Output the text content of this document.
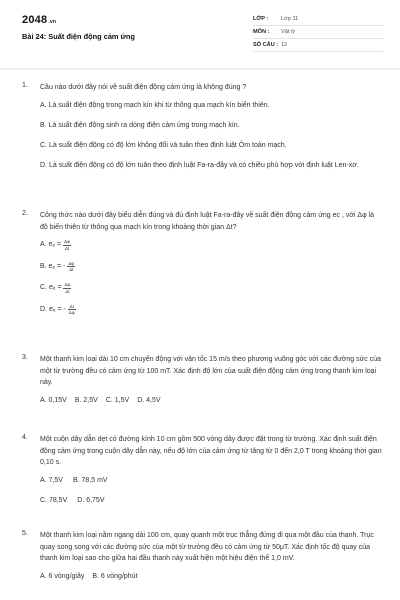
2048.vn
Bài 24: Suất điện động cảm ứng
LỚP :	Lớp 11
MÔN :	Vật lý
SỐ CÂU : 12
1.	Câu nào dưới đây nói về suất điện động cảm ứng là không đúng ?
A. Là suất điện động trong mạch kín khi từ thông qua mạch kín biến thiên.
B. Là suất điện động sinh ra dòng điện cảm ứng trong mạch kín.
C. Là suất điện động có độ lớn không đổi và tuân theo định luật Ôm toàn mạch.
D. Là suất điện động có độ lớn tuân theo định luật Fa-ra-đây và có chiều phù hợp với định luật Len-xơ.
2.	Công thức nào dưới đây biểu diễn đúng và đủ định luật Fa-ra-đây về suất điện động cảm ứng ec , với Δφ là độ biến thiên từ thông qua mạch kín trong khoảng thời gian Δt?
A. $e_e = \frac{\Delta\varphi}{\Delta t}$
B. eₑ = - $\frac{\Delta\varphi}{\Delta t}$
C. $e_e = \frac{\Delta\varphi}{\Delta t}$
D. eₑ = - $\frac{\Delta t}{\Delta\varphi}$
3.	Một thanh kim loại dài 10 cm chuyển động với vận tốc 15 m/s theo phương vuông góc với các đường sức của một từ trường đều có cảm ứng từ 100 mT. Xác định độ lớn của suất điện động cảm ứng trong thanh kim loại này.
A. 0,15V B. 2,5V C. 1,5V D. 4,5V
4.	Một cuộn dây dẫn dẹt có đường kính 10 cm gồm 500 vòng dây được đặt trong từ trường. Xác định suất điện động cảm ứng trong cuộn dây dẫn này, nếu độ lớn của cảm ứng từ tăng từ 0 đến 2,0 T trong khoảng thời gian 0,10 s.
A. 7,5V B. 78,5 mV
C. 78,5V D. 6,75V
5.	Một thanh kim loại nằm ngang dài 100 cm, quay quanh một trục thẳng đứng đi qua một đầu của thanh. Trục quay song song với các đường sức của một từ trường đều có cảm ứng từ 50μT. Xác định tốc độ quay của thanh kim loại sao cho giữa hai đầu thanh này xuất hiện một hiệu điện thế 1,0 mV.
A. 6 vòng/giây B. 6 vòng/phút
